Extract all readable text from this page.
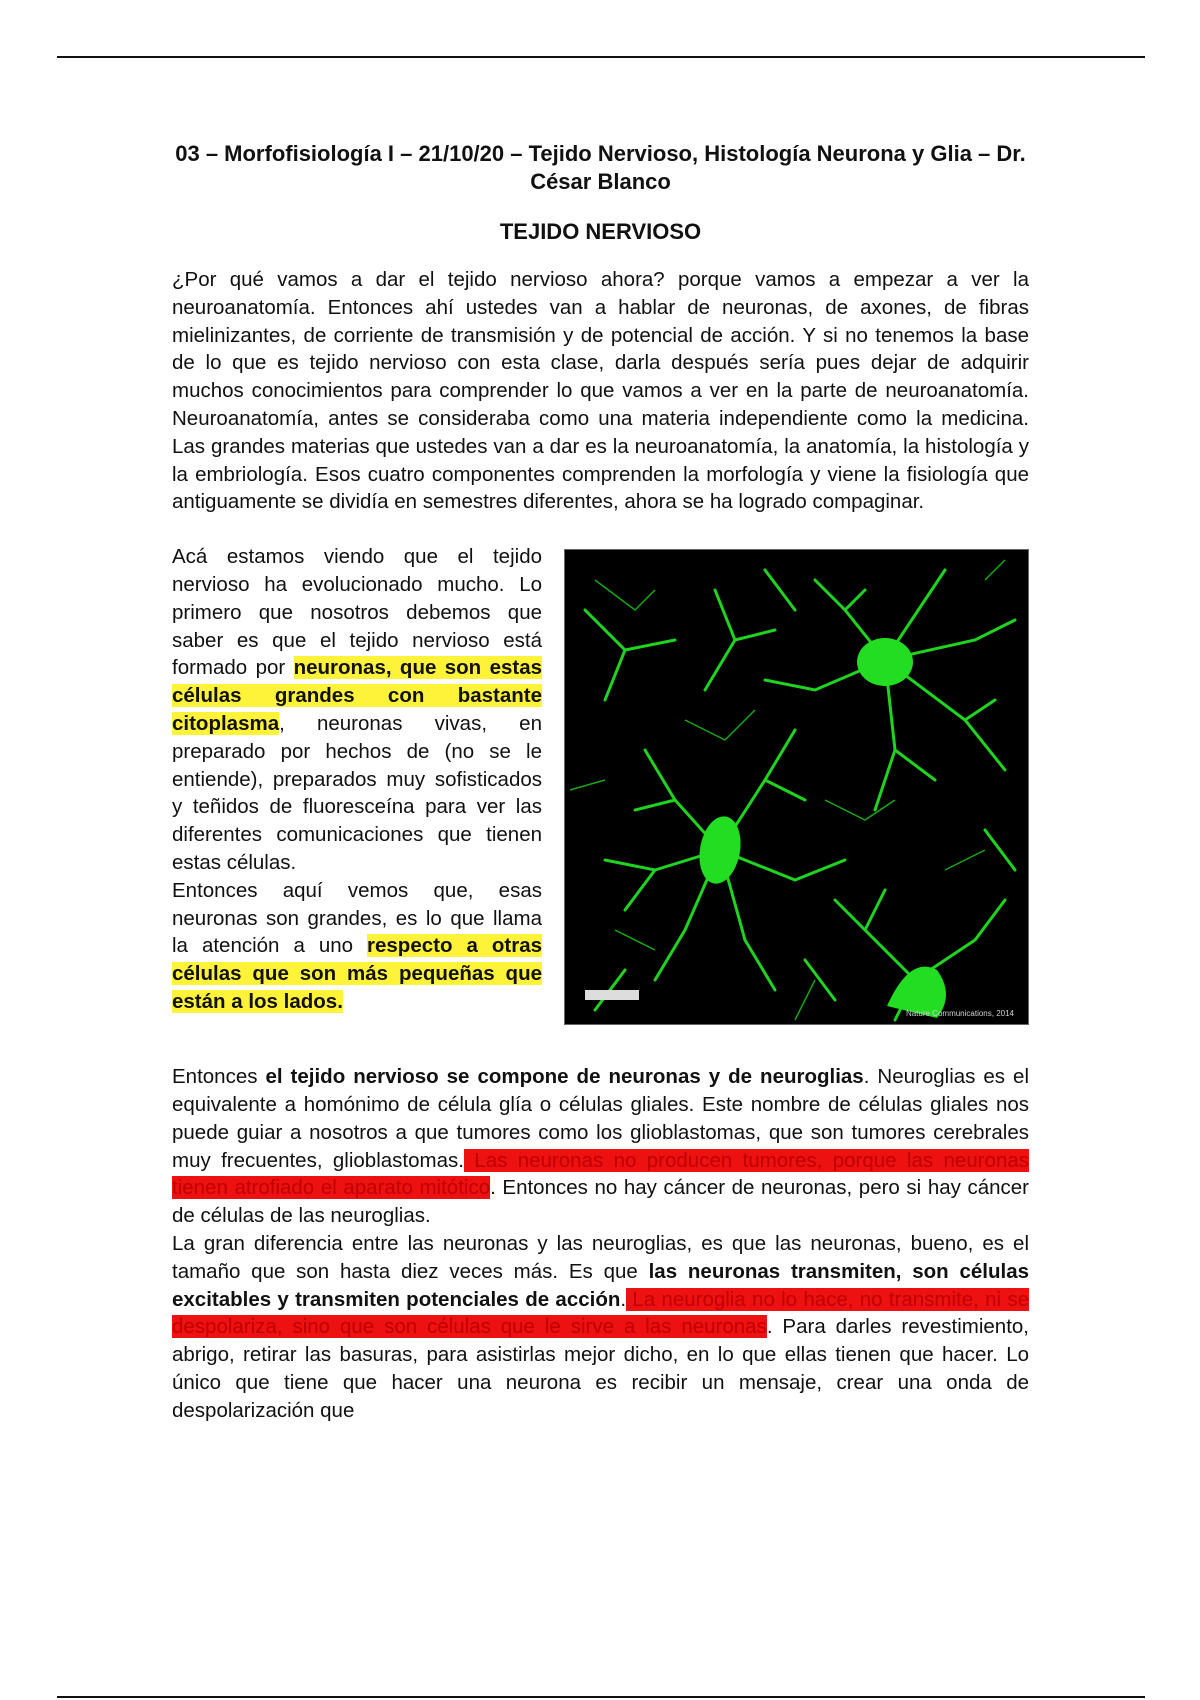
03 – Morfofisiología I – 21/10/20 – Tejido Nervioso, Histología Neurona y Glia – Dr. César Blanco
TEJIDO NERVIOSO

¿Por qué vamos a dar el tejido nervioso ahora? porque vamos a empezar a ver la neuroanatomía. Entonces ahí ustedes van a hablar de neuronas, de axones, de fibras mielinizantes, de corriente de transmisión y de potencial de acción. Y si no tenemos la base de lo que es tejido nervioso con esta clase, darla después sería pues dejar de adquirir muchos conocimientos para comprender lo que vamos a ver en la parte de neuroanatomía. Neuroanatomía, antes se consideraba como una materia independiente como la medicina. Las grandes materias que ustedes van a dar es la neuroanatomía, la anatomía, la histología y la embriología. Esos cuatro componentes comprenden la morfología y viene la fisiología que antiguamente se dividía en semestres diferentes, ahora se ha logrado compaginar.

Acá estamos viendo que el tejido nervioso ha evolucionado mucho. Lo primero que nosotros debemos que saber es que el tejido nervioso está formado por neuronas, que son estas células grandes con bastante citoplasma, neuronas vivas, en preparado por hechos de (no se le entiende), preparados muy sofisticados y teñidos de fluoresceína para ver las diferentes comunicaciones que tienen estas células.

Entonces aquí vemos que, esas neuronas son grandes, es lo que llama la atención a uno respecto a otras células que son más pequeñas que están a los lados.

Nature Communications, 2014

Entonces el tejido nervioso se compone de neuronas y de neuroglias. Neuroglias es el equivalente a homónimo de célula glía o células gliales. Este nombre de células gliales nos puede guiar a nosotros a que tumores como los glioblastomas, que son tumores cerebrales muy frecuentes, glioblastomas. Las neuronas no producen tumores, porque las neuronas tienen atrofiado el aparato mitótico. Entonces no hay cáncer de neuronas, pero si hay cáncer de células de las neuroglias.

La gran diferencia entre las neuronas y las neuroglias, es que las neuronas, bueno, es el tamaño que son hasta diez veces más. Es que las neuronas transmiten, son células excitables y transmiten potenciales de acción. La neuroglia no lo hace, no transmite, ni se despolariza, sino que son células que le sirve a las neuronas. Para darles revestimiento, abrigo, retirar las basuras, para asistirlas mejor dicho, en lo que ellas tienen que hacer. Lo único que tiene que hacer una neurona es recibir un mensaje, crear una onda de despolarización que
